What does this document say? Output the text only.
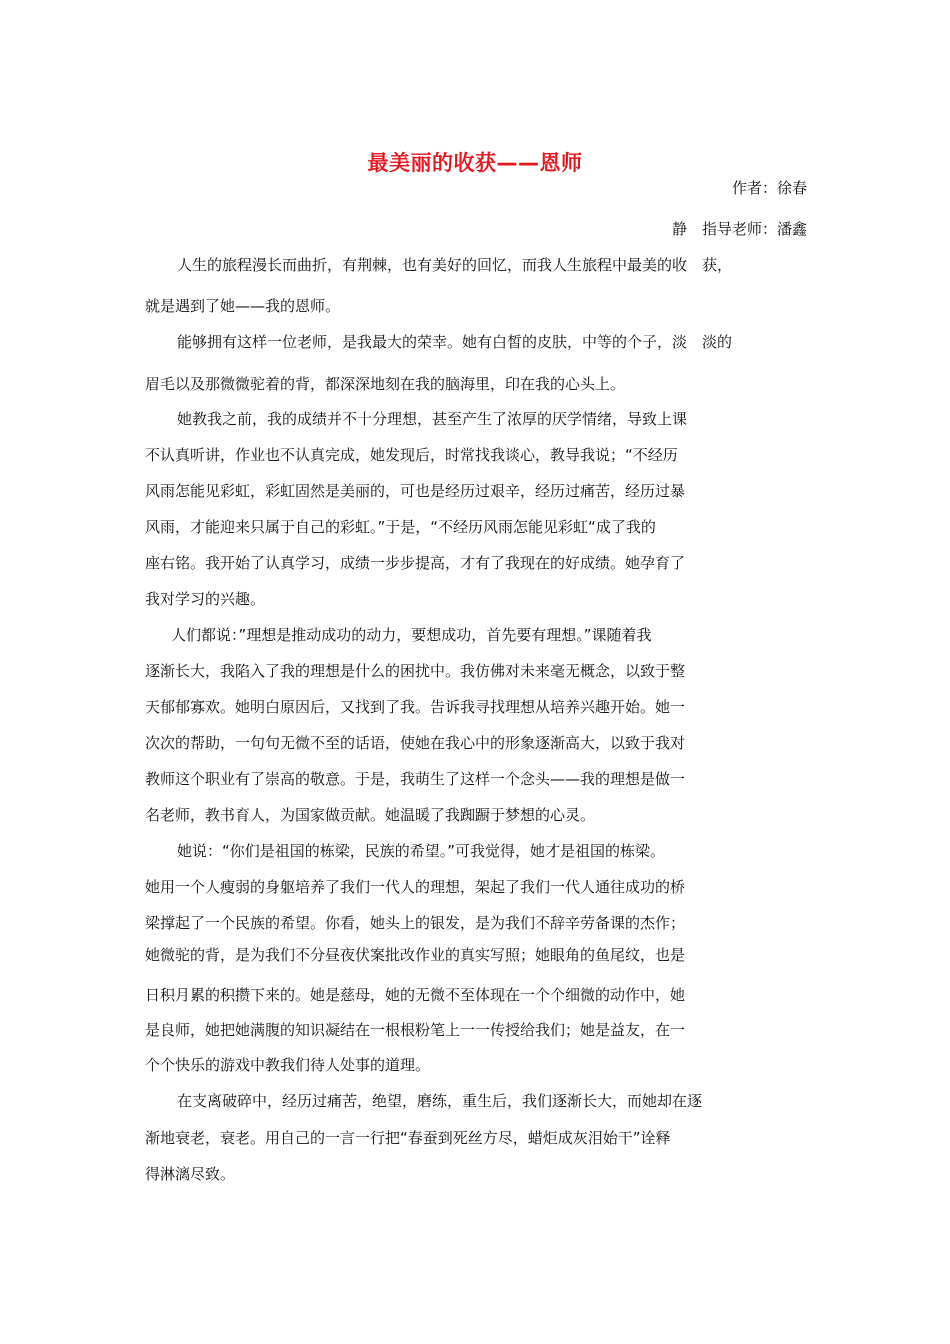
最美丽的收获——恩师
作者：徐春
静　指导老师：潘鑫
人生的旅程漫长而曲折，有荆棘，也有美好的回忆，而我人生旅程中最美的收　获，
就是遇到了她——我的恩师。
能够拥有这样一位老师，是我最大的荣幸。她有白皙的皮肤，中等的个子，淡　淡的
眉毛以及那微微驼着的背，都深深地刻在我的脑海里，印在我的心头上。
她教我之前，我的成绩并不十分理想，甚至产生了浓厚的厌学情绪，导致上课
不认真听讲，作业也不认真完成，她发现后，时常找我谈心，教导我说；“不经历
风雨怎能见彩虹，彩虹固然是美丽的，可也是经历过艰辛，经历过痛苦，经历过暴
风雨，才能迎来只属于自己的彩虹。”于是，“不经历风雨怎能见彩虹“成了我的
座右铭。我开始了认真学习，成绩一步步提高，才有了我现在的好成绩。她孕育了
我对学习的兴趣。
人们都说：”理想是推动成功的动力，要想成功，首先要有理想。”课随着我
逐渐长大，我陷入了我的理想是什么的困扰中。我仿佛对未来毫无概念，以致于整
天郁郁寡欢。她明白原因后，又找到了我。告诉我寻找理想从培养兴趣开始。她一
次次的帮助，一句句无微不至的话语，使她在我心中的形象逐渐高大，以致于我对
教师这个职业有了崇高的敬意。于是，我萌生了这样一个念头——我的理想是做一
名老师，教书育人，为国家做贡献。她温暖了我踟蹰于梦想的心灵。
她说：“你们是祖国的栋梁，民族的希望。”可我觉得，她才是祖国的栋梁。
她用一个人瘦弱的身躯培养了我们一代人的理想，架起了我们一代人通往成功的桥
梁撑起了一个民族的希望。你看，她头上的银发，是为我们不辞辛劳备课的杰作；
她微驼的背，是为我们不分昼夜伏案批改作业的真实写照；她眼角的鱼尾纹，也是
日积月累的积攒下来的。她是慈母，她的无微不至体现在一个个细微的动作中，她
是良师，她把她满腹的知识凝结在一根根粉笔上一一传授给我们；她是益友，在一
个个快乐的游戏中教我们待人处事的道理。
在支离破碎中，经历过痛苦，绝望，磨练，重生后，我们逐渐长大，而她却在逐
渐地衰老，衰老。用自己的一言一行把“春蚕到死丝方尽，蜡炬成灰泪始干”诠释
得淋漓尽致。
